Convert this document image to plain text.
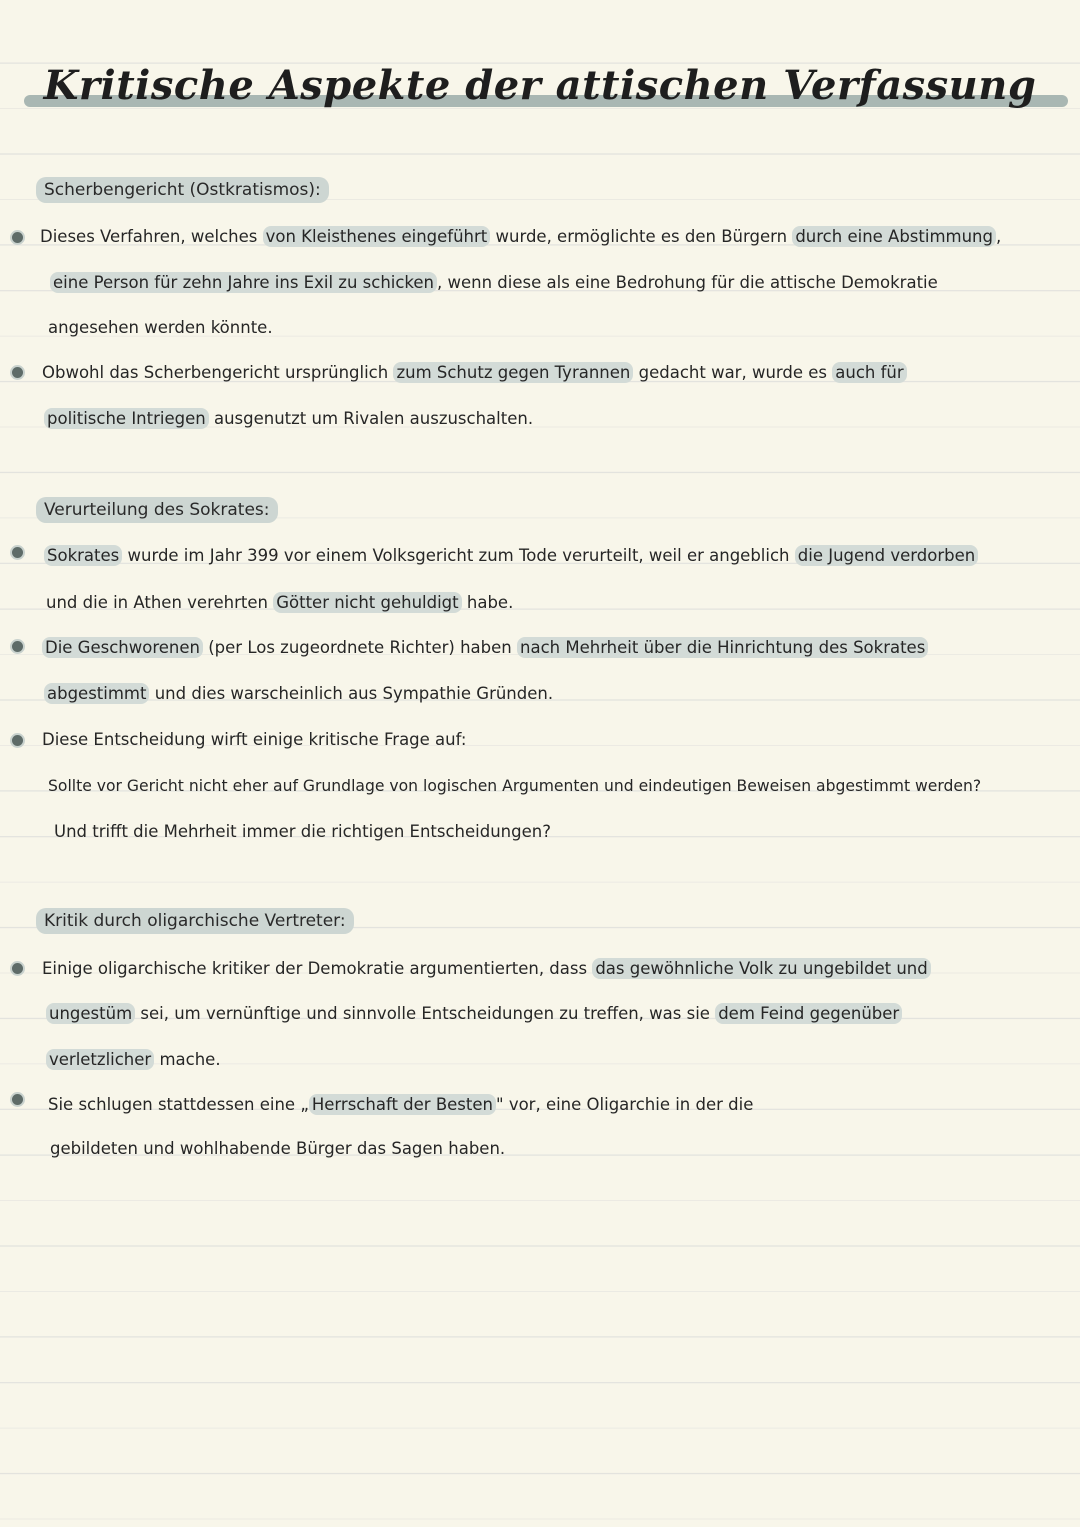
Kritische Aspekte der attischen Verfassung
Scherbengericht (Ostkratismos):
Dieses Verfahren, welches von Kleisthenes eingeführt wurde, ermöglichte es den Bürgern durch eine Abstimmung ,
eine Person für zehn Jahre ins Exil zu schicken , wenn diese als eine Bedrohung für die attische Demokratie
angesehen werden könnte.
Obwohl das Scherbengericht ursprünglich zum Schutz gegen Tyrannen gedacht war, wurde es auch für
politische Intriegen ausgenutzt um Rivalen auszuschalten.
Verurteilung des Sokrates:
Sokrates wurde im Jahr 399 vor einem Volksgericht zum Tode verurteilt, weil er angeblich die Jugend verdorben
und die in Athen verehrten Götter nicht gehuldigt habe.
Die Geschworenen (per Los zugeordnete Richter) haben nach Mehrheit über die Hinrichtung des Sokrates
abgestimmt und dies warscheinlich aus Sympathie Gründen.
Diese Entscheidung wirft einige kritische Frage auf:
Sollte vor Gericht nicht eher auf Grundlage von logischen Argumenten und eindeutigen Beweisen abgestimmt werden?
Und trifft die Mehrheit immer die richtigen Entscheidungen?
Kritik durch oligarchische Vertreter:
Einige oligarchische kritiker der Demokratie argumentierten, dass das gewöhnliche Volk zu ungebildet und
ungestüm sei, um vernünftige und sinnvolle Entscheidungen zu treffen, was sie dem Feind gegenüber
verletzlicher mache.
Sie schlugen stattdessen eine „ Herrschaft der Besten " vor, eine Oligarchie in der die
gebildeten und wohlhabende Bürger das Sagen haben.
